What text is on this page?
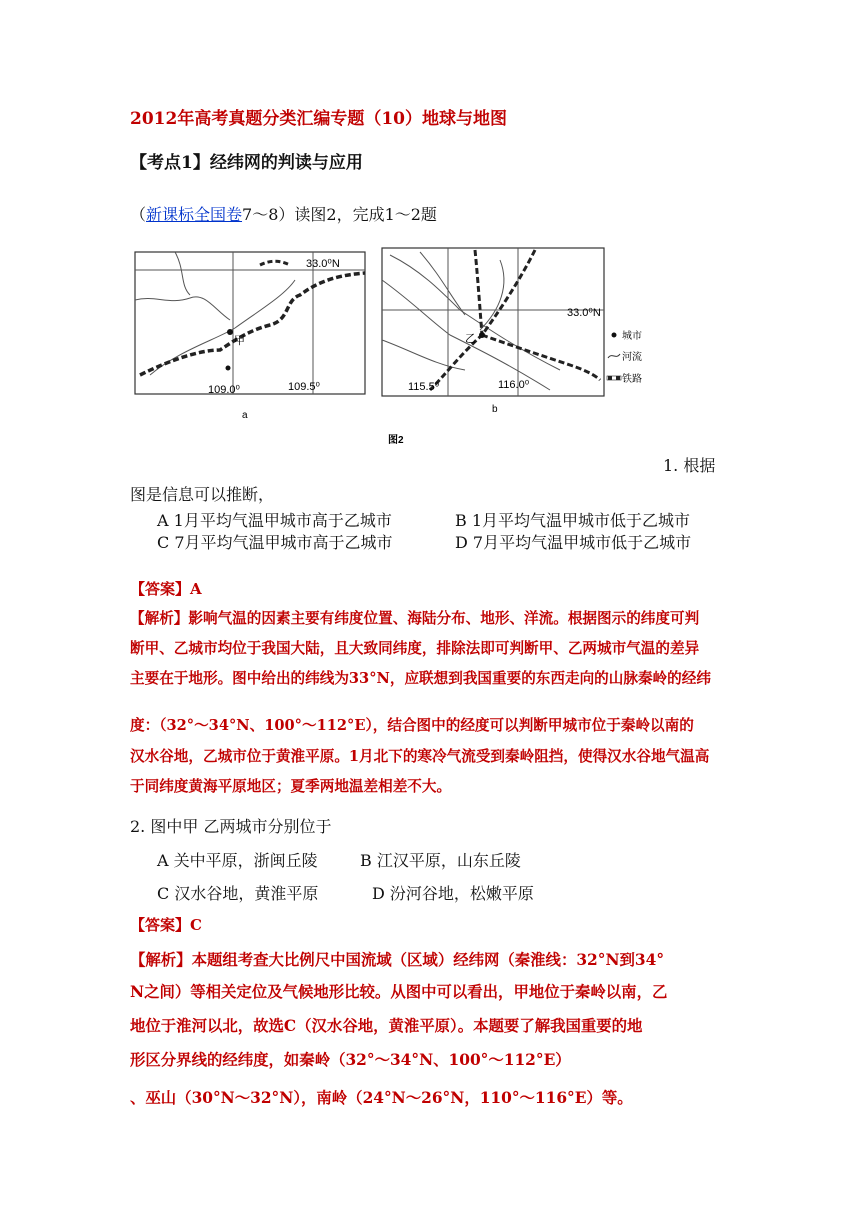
2012年高考真题分类汇编专题（10）地球与地图
【考点1】经纬网的判读与应用
（新课标全国卷7～8）读图2，完成1～2题
33.0⁰N
109.0⁰	109.5⁰
甲
a
33.0⁰N
115.5⁰	116.0⁰
乙
b
城市
河流
铁路
图2
1. 根据
图是信息可以推断，
A 1月平均气温甲城市高于乙城市	B 1月平均气温甲城市低于乙城市
C 7月平均气温甲城市高于乙城市	D 7月平均气温甲城市低于乙城市
【答案】A
【解析】影响气温的因素主要有纬度位置、海陆分布、地形、洋流。根据图示的纬度可判
断甲、乙城市均位于我国大陆，且大致同纬度，排除法即可判断甲、乙两城市气温的差异
主要在于地形。图中给出的纬线为33°N，应联想到我国重要的东西走向的山脉秦岭的经纬
度：（32°～34°N、100°～112°E），结合图中的经度可以判断甲城市位于秦岭以南的
汉水谷地，乙城市位于黄淮平原。1月北下的寒冷气流受到秦岭阻挡，使得汉水谷地气温高
于同纬度黄海平原地区；夏季两地温差相差不大。
2. 图中甲 乙两城市分别位于
A 关中平原，浙闽丘陵	B 江汉平原，山东丘陵
C 汉水谷地，黄淮平原	D 汾河谷地，松嫩平原
【答案】C
【解析】本题组考查大比例尺中国流域（区域）经纬网（秦淮线：32°N到34°
N之间）等相关定位及气候地形比较。从图中可以看出，甲地位于秦岭以南，乙
地位于淮河以北，故选C（汉水谷地，黄淮平原）。本题要了解我国重要的地
形区分界线的经纬度，如秦岭（32°～34°N、100°～112°E）
、巫山（30°N～32°N），南岭（24°N～26°N，110°～116°E）等。
